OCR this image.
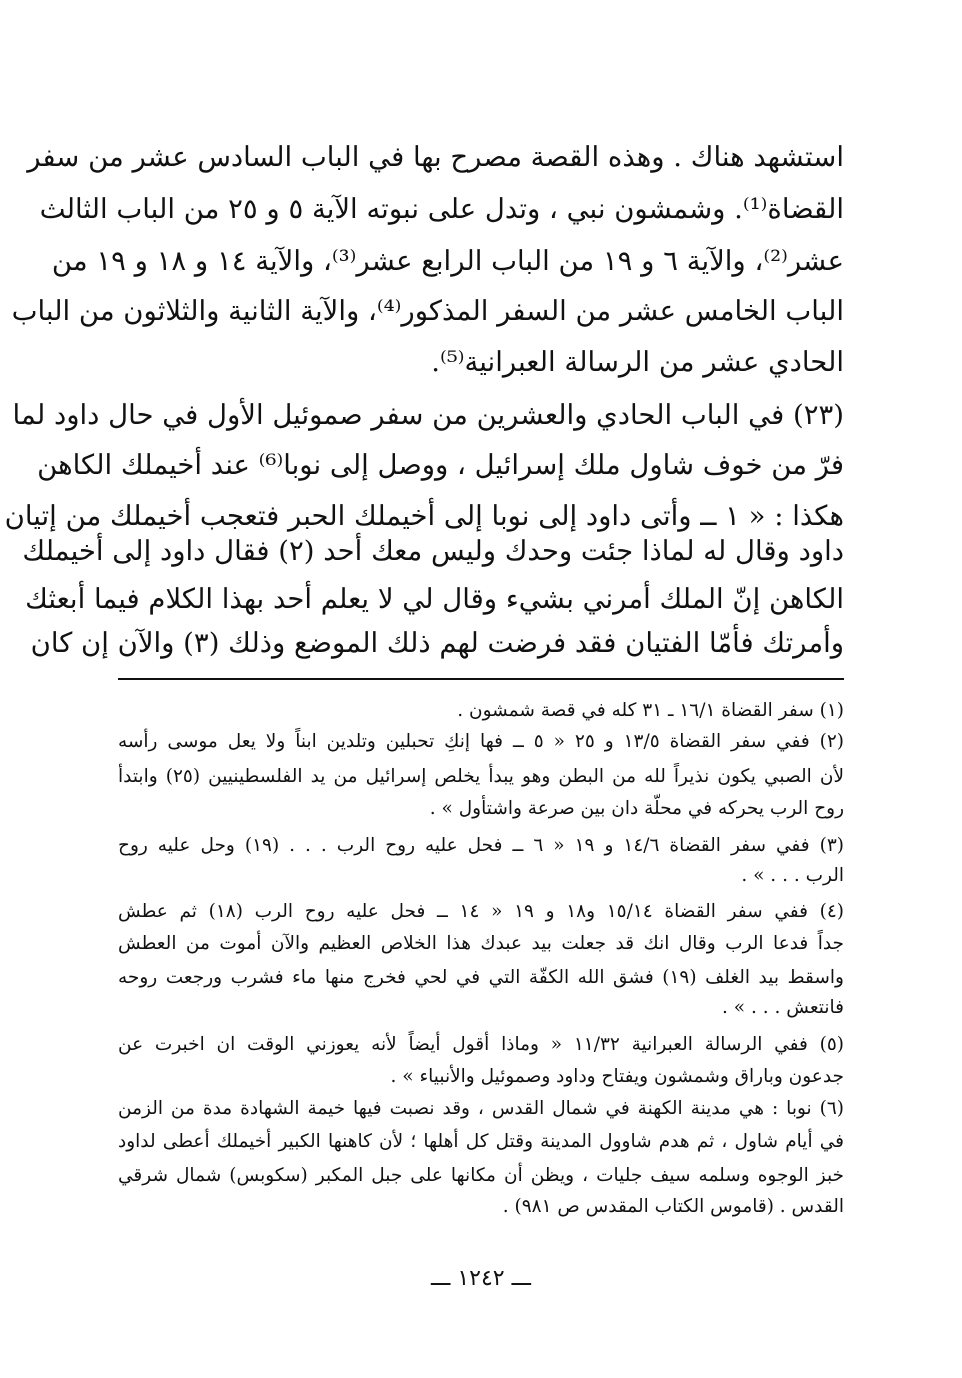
استشهد هناك . وهذه القصة مصرح بها في الباب السادس عشر من سفر
القضاة⁽¹⁾. وشمشون نبي ، وتدل على نبوته الآية ٥ و ٢٥ من الباب الثالث
عشر⁽²⁾، والآية ٦ و ١٩ من الباب الرابع عشر⁽³⁾، والآية ١٤ و ١٨ و ١٩ من
الباب الخامس عشر من السفر المذكور⁽⁴⁾، والآية الثانية والثلاثون من الباب
الحادي عشر من الرسالة العبرانية⁽⁵⁾.
(٢٣) في الباب الحادي والعشرين من سفر صموئيل الأول في حال داود لما
فرّ من خوف شاول ملك إسرائيل ، ووصل إلى نوبا⁽⁶⁾ عند أخيملك الكاهن
هكذا : « ١ ــ وأتى داود إلى نوبا إلى أخيملك الحبر فتعجب أخيملك من إتيان
داود وقال له لماذا جئت وحدك وليس معك أحد (٢) فقال داود إلى أخيملك
الكاهن إنّ الملك أمرني بشيء وقال لي لا يعلم أحد بهذا الكلام فيما أبعثك
وأمرتك فأمّا الفتيان فقد فرضت لهم ذلك الموضع وذلك (٣) والآن إن كان
(١) سفر القضاة ١٦/١ ـ ٣١ كله في قصة شمشون .
(٢) ففي سفر القضاة ١٣/٥ و ٢٥ « ٥ ــ فها إنكِ تحبلين وتلدين ابناً ولا يعل موسى رأسه
لأن الصبي يكون نذيراً لله من البطن وهو يبدأ يخلص إسرائيل من يد الفلسطينيين (٢٥) وابتدأ
روح الرب يحركه في محلّة دان بين صرعة واشتأول » .
(٣) ففي سفر القضاة ١٤/٦ و ١٩ « ٦ ــ فحل عليه روح الرب . . . (١٩) وحل عليه روح
الرب . . . » .
(٤) ففي سفر القضاة ١٥/١٤ و١٨ و ١٩ « ١٤ ــ فحل عليه روح الرب (١٨) ثم عطش
جداً فدعا الرب وقال انك قد جعلت بيد عبدك هذا الخلاص العظيم والآن أموت من العطش
واسقط بيد الغلف (١٩) فشق الله الكفّة التي في لحي فخرج منها ماء فشرب ورجعت روحه
فانتعش . . . » .
(٥) ففي الرسالة العبرانية ١١/٣٢ « وماذا أقول أيضاً لأنه يعوزني الوقت ان اخبرت عن
جدعون وباراق وشمشون ويفتاح وداود وصموئيل والأنبياء » .
(٦) نوبا : هي مدينة الكهنة في شمال القدس ، وقد نصبت فيها خيمة الشهادة مدة من الزمن
في أيام شاول ، ثم هدم شاوول المدينة وقتل كل أهلها ؛ لأن كاهنها الكبير أخيملك أعطى لداود
خبز الوجوه وسلمه سيف جليات ، ويظن أن مكانها على جبل المكبر (سكوبس) شمال شرقي
القدس . (قاموس الكتاب المقدس ص ٩٨١) .
ـــ ١٢٤٢ ـــ
